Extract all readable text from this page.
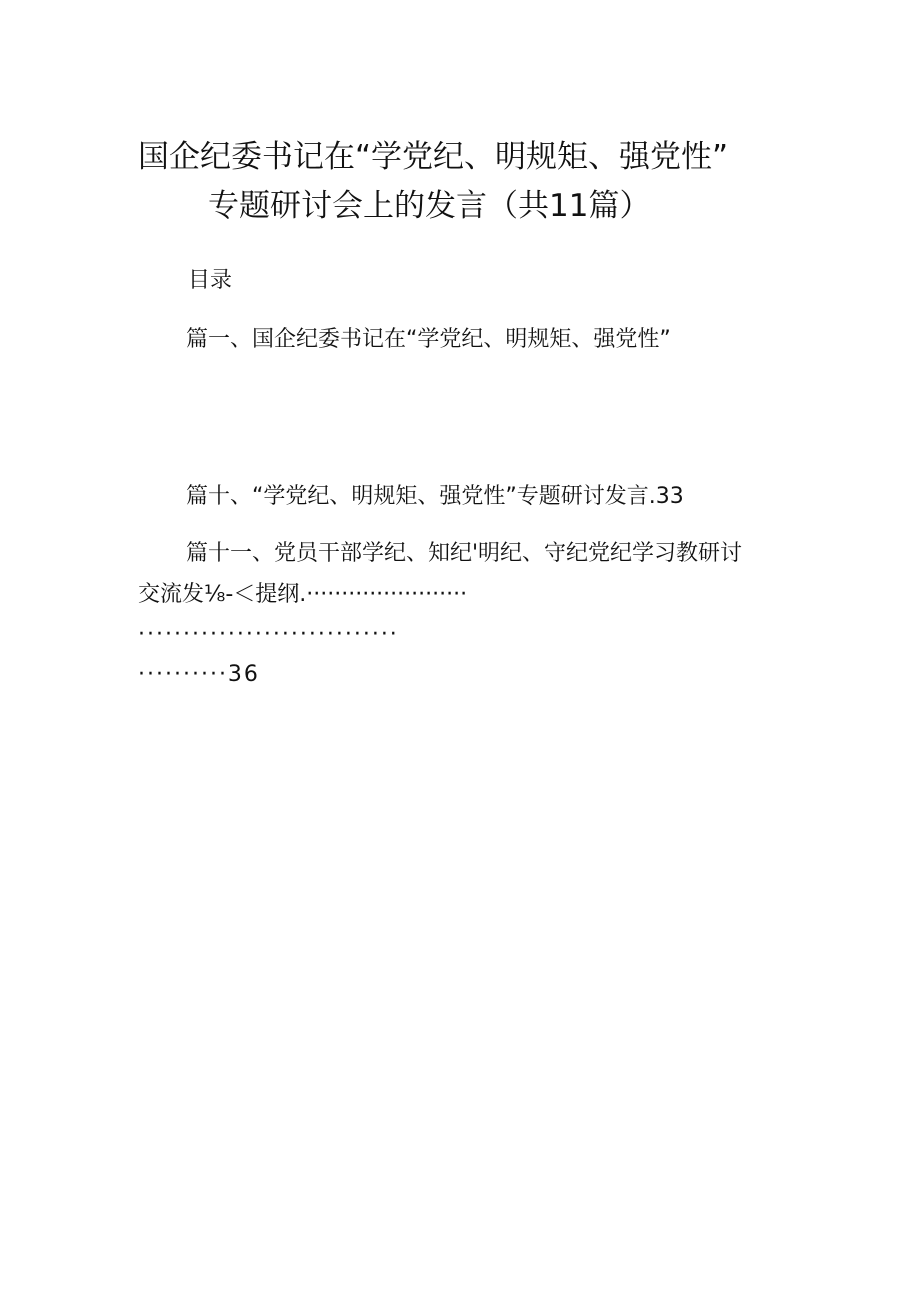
国企纪委书记在“学党纪、明规矩、强党性”
专题研讨会上的发言（共11篇）
目录
篇一、国企纪委书记在“学党纪、明规矩、强党性”
篇十、“学党纪、明规矩、强党性”专题研讨发言.33
篇十一、党员干部学纪、知纪'明纪、守纪党纪学习教研讨
交流发⅛-＜提纲.·······················
·····························
··········36
